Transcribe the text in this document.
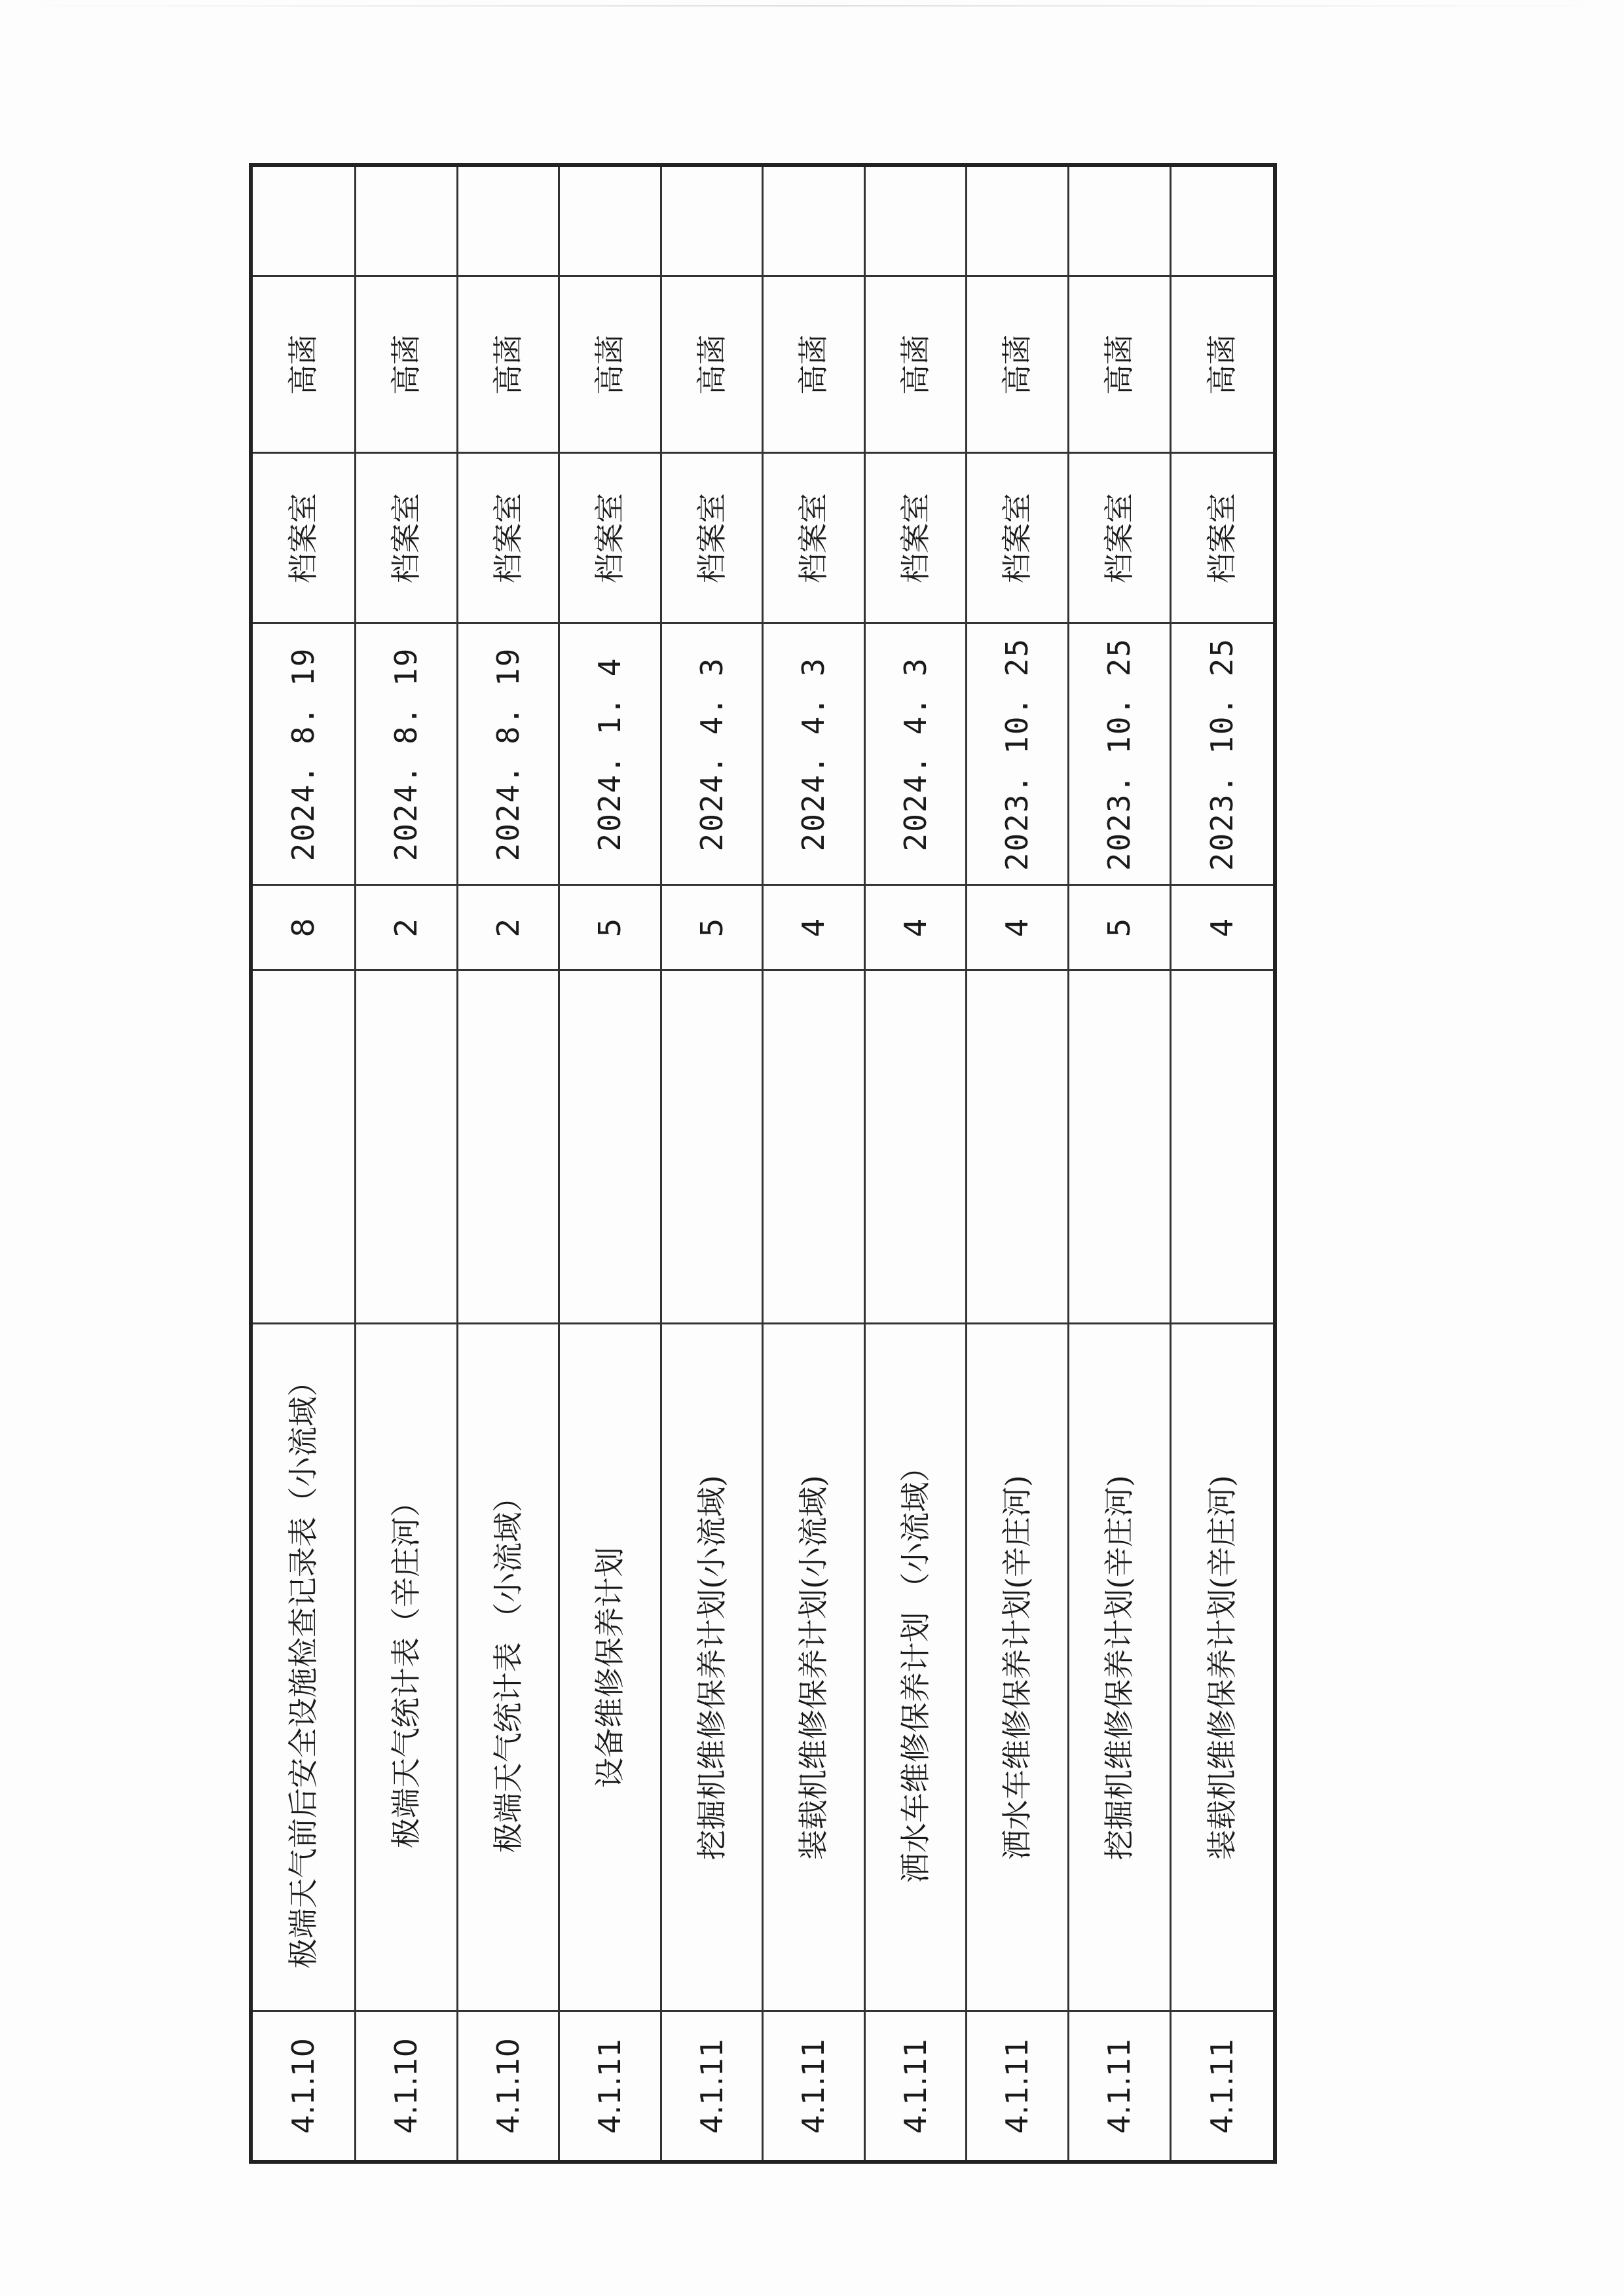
4.1.10	极端天气前后安全设施检查记录表（小流域）		8	2024. 8. 19	档案室	高菡	
4.1.10	极端天气统计表（辛庄河）		2	2024. 8. 19	档案室	高菡	
4.1.10	极端天气统计表 （小流域）		2	2024. 8. 19	档案室	高菡	
4.1.11	设备维修保养计划		5	2024. 1. 4	档案室	高菡	
4.1.11	挖掘机维修保养计划(小流域)		5	2024. 4. 3	档案室	高菡	
4.1.11	装载机维修保养计划(小流域)		4	2024. 4. 3	档案室	高菡	
4.1.11	洒水车维修保养计划 （小流域）		4	2024. 4. 3	档案室	高菡	
4.1.11	洒水车维修保养计划(辛庄河)		4	2023. 10. 25	档案室	高菡	
4.1.11	挖掘机维修保养计划(辛庄河)		5	2023. 10. 25	档案室	高菡	
4.1.11	装载机维修保养计划(辛庄河)		4	2023. 10. 25	档案室	高菡	
